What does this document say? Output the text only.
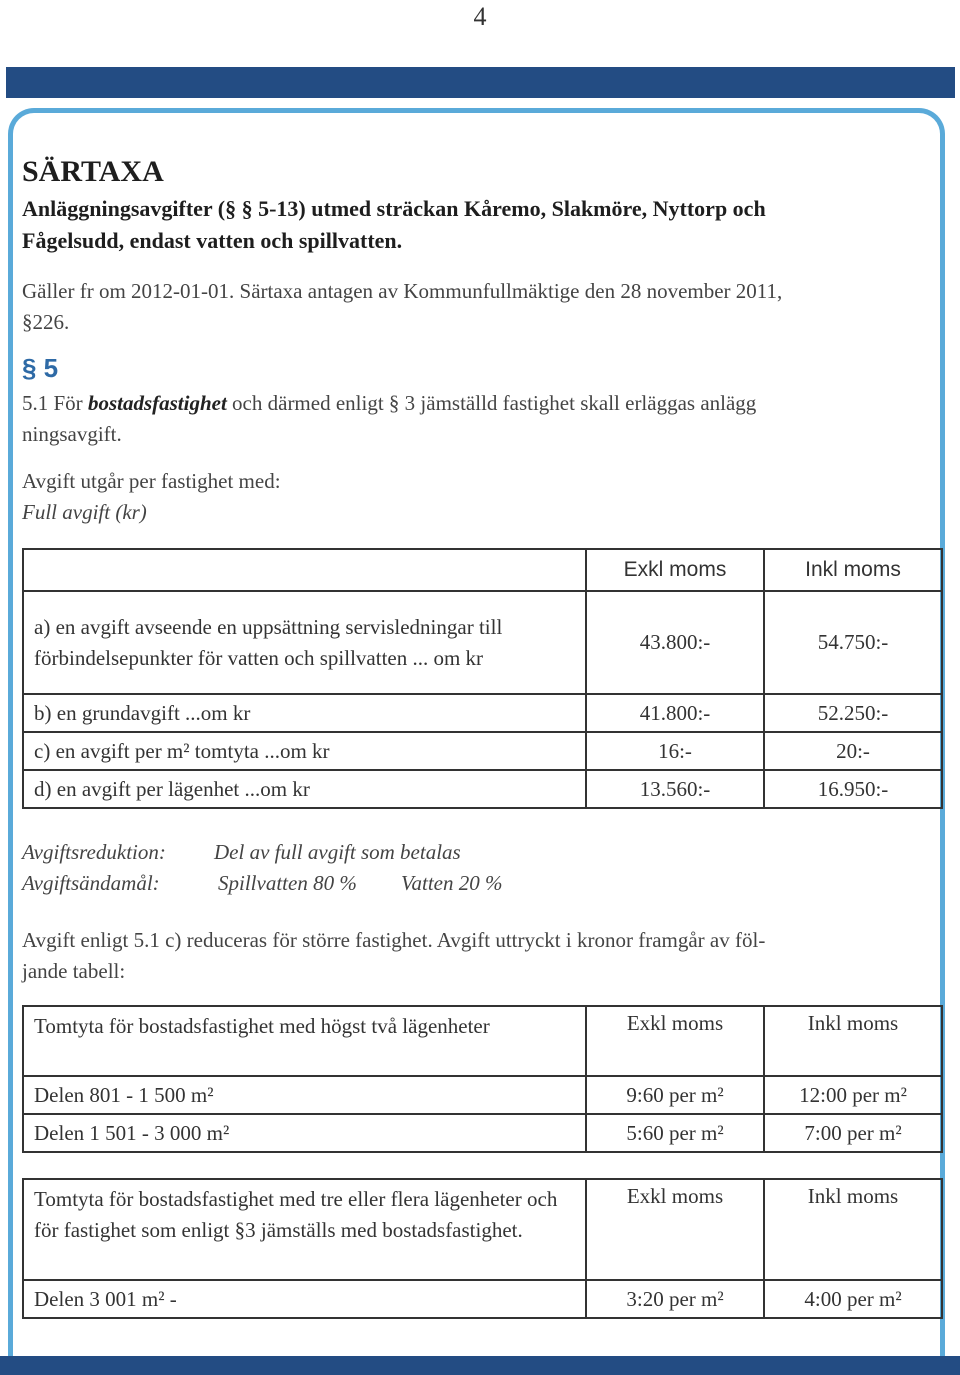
4
SÄRTAXA
Anläggningsavgifter (§ § 5-13) utmed sträckan Kåremo, Slakmöre, Nyttorp och
Fågelsudd, endast vatten och spillvatten.
Gäller fr om 2012-01-01. Särtaxa antagen av Kommunfullmäktige den 28 november 2011,
§226.
§ 5
5.1 För bostadsfastighet och därmed enligt § 3 jämställd fastighet skall erläggas anlägg
ningsavgift.
Avgift utgår per fastighet med:
Full avgift (kr)
	Exkl moms	Inkl moms
a) en avgift avseende en uppsättning servisledningar till förbindelsepunkter för vatten och spillvatten ... om kr	43.800:-	54.750:-
b) en grundavgift ...om kr	41.800:-	52.250:-
c) en avgift per m² tomtyta ...om kr	16:-	20:-
d) en avgift per lägenhet ...om kr	13.560:-	16.950:-
Avgiftsreduktion: Del av full avgift som betalas
Avgiftsändamål:	Spillvatten 80 % Vatten 20 %
Avgift enligt 5.1 c) reduceras för större fastighet. Avgift uttryckt i kronor framgår av föl-
jande tabell:
Tomtyta för bostadsfastighet med högst två lägenheter	Exkl moms	Inkl moms
Delen 801 - 1 500 m²	9:60 per m²	12:00 per m²
Delen 1 501 - 3 000 m²	5:60 per m²	7:00 per m²
Tomtyta för bostadsfastighet med tre eller flera lägenheter och för fastighet som enligt §3 jämställs med bostadsfastighet.	Exkl moms	Inkl moms
Delen 3 001 m² -	3:20 per m²	4:00 per m²
